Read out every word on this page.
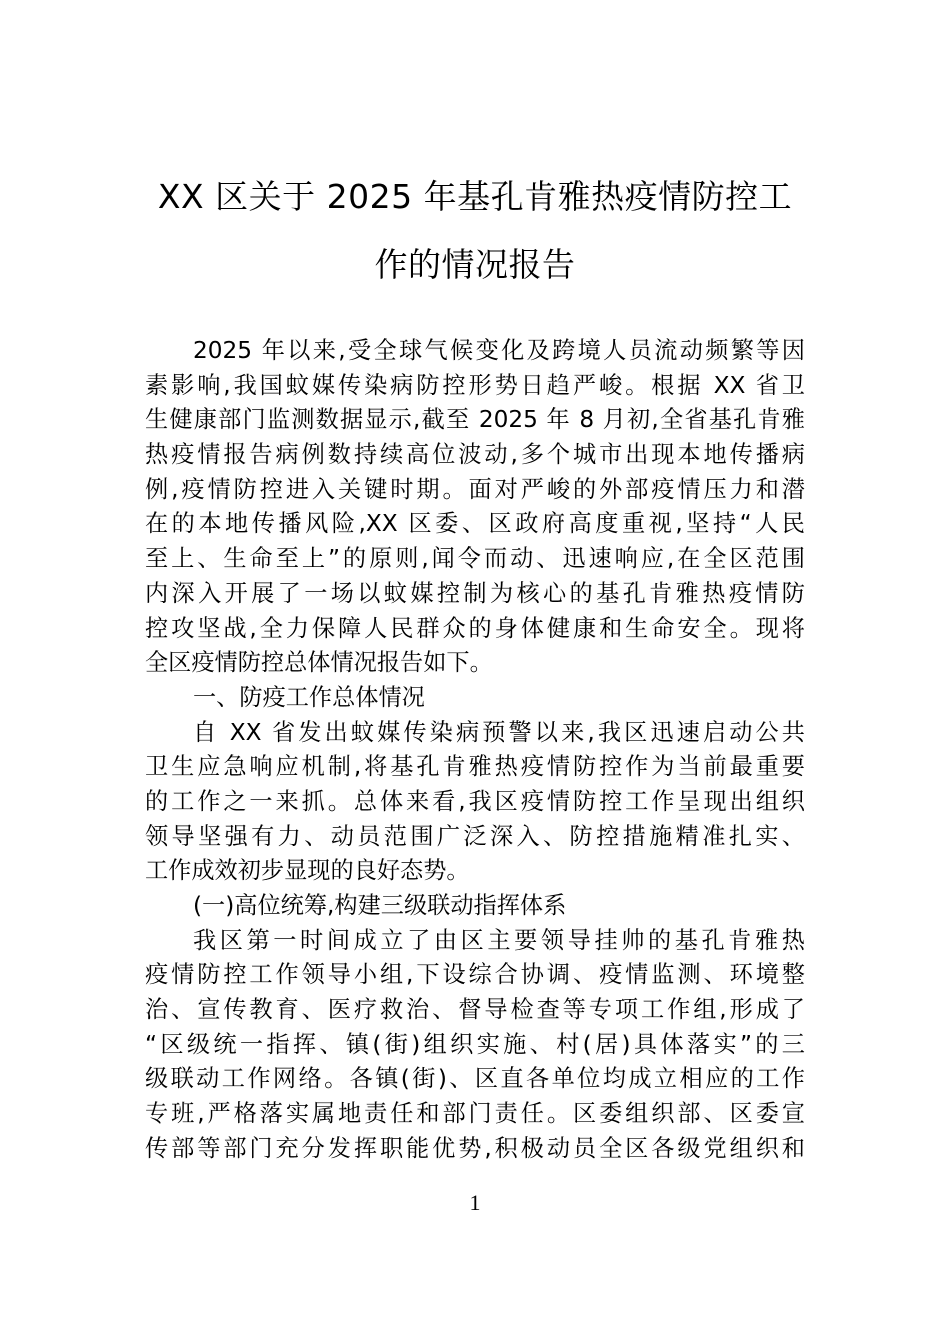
XX 区关于 2025 年基孔肯雅热疫情防控工
作的情况报告
2025 年以来,受全球气候变化及跨境人员流动频繁等因
素影响,我国蚊媒传染病防控形势日趋严峻。根据 XX 省卫
生健康部门监测数据显示,截至 2025 年 8 月初,全省基孔肯雅
热疫情报告病例数持续高位波动,多个城市出现本地传播病
例,疫情防控进入关键时期。面对严峻的外部疫情压力和潜
在的本地传播风险,XX 区委、区政府高度重视,坚持“人民
至上、生命至上”的原则,闻令而动、迅速响应,在全区范围
内深入开展了一场以蚊媒控制为核心的基孔肯雅热疫情防
控攻坚战,全力保障人民群众的身体健康和生命安全。现将
全区疫情防控总体情况报告如下。
一、防疫工作总体情况
自 XX 省发出蚊媒传染病预警以来,我区迅速启动公共
卫生应急响应机制,将基孔肯雅热疫情防控作为当前最重要
的工作之一来抓。总体来看,我区疫情防控工作呈现出组织
领导坚强有力、动员范围广泛深入、防控措施精准扎实、
工作成效初步显现的良好态势。
(一)高位统筹,构建三级联动指挥体系
我区第一时间成立了由区主要领导挂帅的基孔肯雅热
疫情防控工作领导小组,下设综合协调、疫情监测、环境整
治、宣传教育、医疗救治、督导检查等专项工作组,形成了
“区级统一指挥、镇(街)组织实施、村(居)具体落实”的三
级联动工作网络。各镇(街)、区直各单位均成立相应的工作
专班,严格落实属地责任和部门责任。区委组织部、区委宣
传部等部门充分发挥职能优势,积极动员全区各级党组织和
1
